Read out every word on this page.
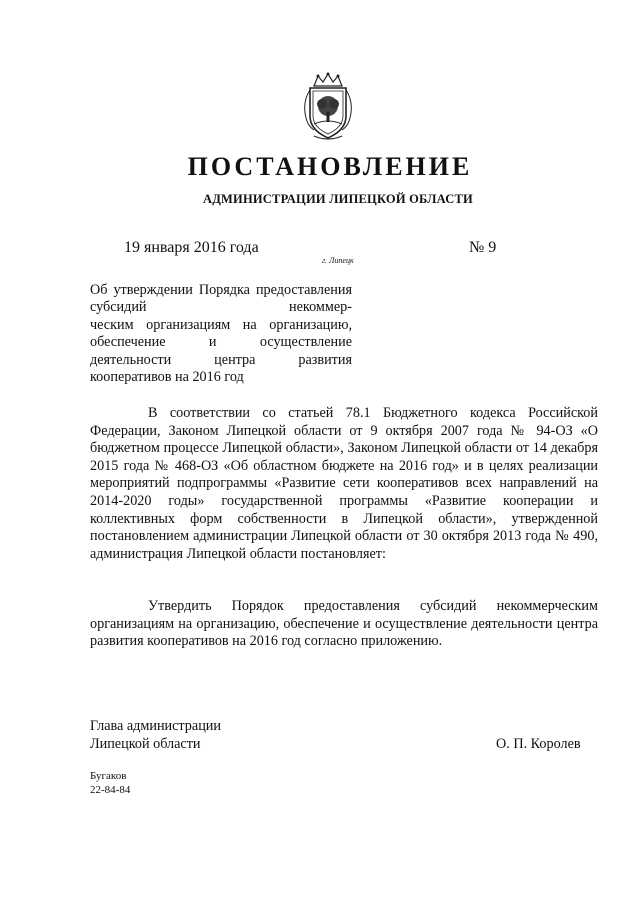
ПОСТАНОВЛЕНИЕ
АДМИНИСТРАЦИИ ЛИПЕЦКОЙ ОБЛАСТИ
19 января 2016 года
г. Липецк
№ 9
Об утверждении Порядка предоставления субсидий некоммер-
ческим организациям на организацию, обеспечение и осуществление деятельности центра развития
кооперативов на 2016 год

В соответствии со статьей 78.1 Бюджетного кодекса Российской Федерации, Законом Липецкой области от 9 октября 2007 года № 94-ОЗ «О бюджетном процессе Липецкой области», Законом Липецкой области от 14 декабря 2015 года № 468-ОЗ «Об областном бюджете на 2016 год» и в целях реализации мероприятий подпрограммы «Развитие сети кооперативов всех направлений на 2014-2020 годы» государственной программы «Развитие кооперации и коллективных форм собственности в Липецкой области», утвержденной постановлением администрации Липецкой области от 30 октября 2013 года № 490, администрация Липецкой области постановляет:

Утвердить Порядок предоставления субсидий некоммерческим организациям на организацию, обеспечение и осуществление деятельности центра развития кооперативов на 2016 год согласно приложению.

Глава администрации
Липецкой области	О. П. Королев
Бугаков
22-84-84
